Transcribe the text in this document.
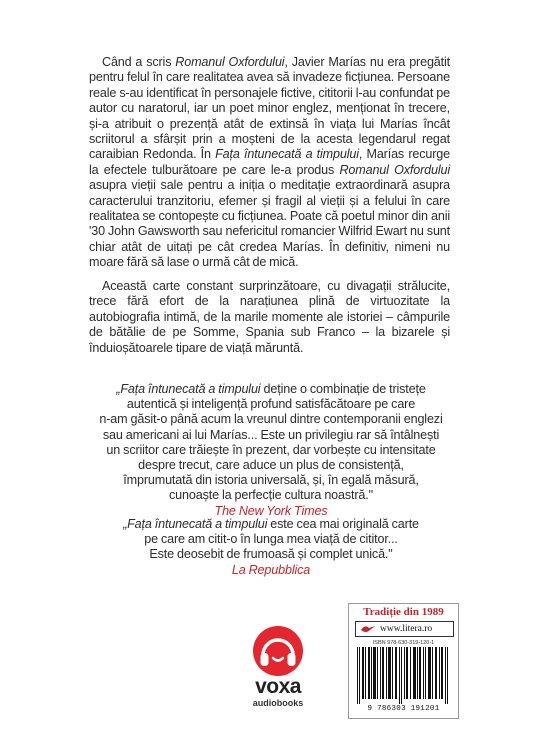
Când a scris Romanul Oxfordului, Javier Marías nu era pregătit pentru felul în care realitatea avea să invadeze ficțiunea. Persoane reale s-au identificat în personajele fictive, cititorii l-au confundat pe autor cu naratorul, iar un poet minor englez, menționat în trecere, și-a atribuit o prezență atât de extinsă în viața lui Marías încât scriitorul a sfârșit prin a moșteni de la acesta legendarul regat caraibian Redonda. În Fața întunecată a timpului, Marías recurge la efectele tulburătoare pe care le-a produs Romanul Oxfordului asupra vieții sale pentru a iniția o meditație extraordinară asupra caracterului tranzitoriu, efemer și fragil al vieții și a felului în care realitatea se contopește cu ficțiunea. Poate că poetul minor din anii '30 John Gawsworth sau nefericitul romancier Wilfrid Ewart nu sunt chiar atât de uitați pe cât credea Marías. În definitiv, nimeni nu moare fără să lase o urmă cât de mică.

Această carte constant surprinzătoare, cu divagații strălucite, trece fără efort de la narațiunea plină de virtuozitate la autobiografia intimă, de la marile momente ale istoriei – câmpurile de bătălie de pe Somme, Spania sub Franco – la bizarele și înduioșătoarele tipare de viață măruntă.

„Fața întunecată a timpului deține o combinație de tristețe
autentică și inteligență profund satisfăcătoare pe care
n-am găsit-o până acum la vreunul dintre contemporanii englezi
sau americani ai lui Marías... Este un privilegiu rar să întâlnești
un scriitor care trăiește în prezent, dar vorbește cu intensitate
despre trecut, care aduce un plus de consistență,
împrumutată din istoria universală, și, în egală măsură,
cunoaște la perfecție cultura noastră."
The New York Times
„Fața întunecată a timpului este cea mai originală carte
pe care am citit-o în lunga mea viață de cititor...
Este deosebit de frumoasă și complet unică."
La Repubblica
voxa
audiobooks
Tradiție din 1989
www.litera.ro
ISBN 978-630-319-120-1
9 786303 191201
